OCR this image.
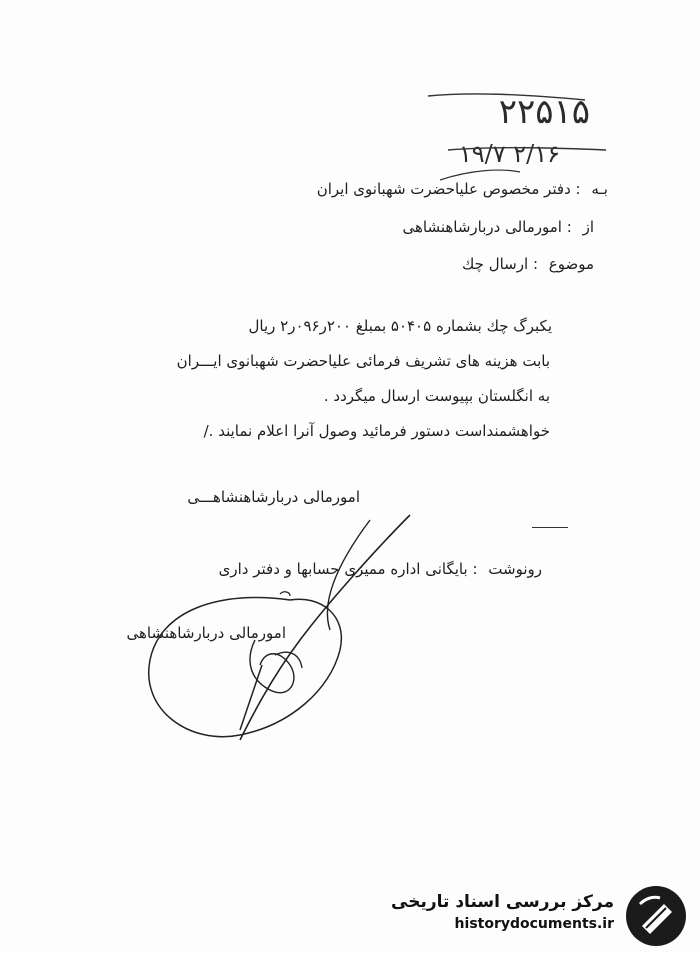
۲۲۵۱۵
۲/۱۶ ۱۹/۷
بـه : دفتر مخصوص علیاحضرت شهبانوی ایران
از : امورمالی دربارشاهنشاهی
موضوع : ارسال چك
یکبرگ چك بشماره ۵۰۴۰۵ بمبلغ ۲۰۰ر۰۹۶ر۲ ریال
بابت هزینه های تشریف فرمائی علیاحضرت شهبانوی ایـــران
به انگلستان بپیوست ارسال میگردد .
خواهشمنداست دستور فرمائید وصول آنرا اعلام نمایند ./
امورمالی دربارشاهنشاهـــی
رونوشت : بایگانی اداره ممیزی حسابها و دفتر داری
امورمالی دربارشاهنشاهی
مرکز بررسی اسناد تاریخی
historydocuments.ir
